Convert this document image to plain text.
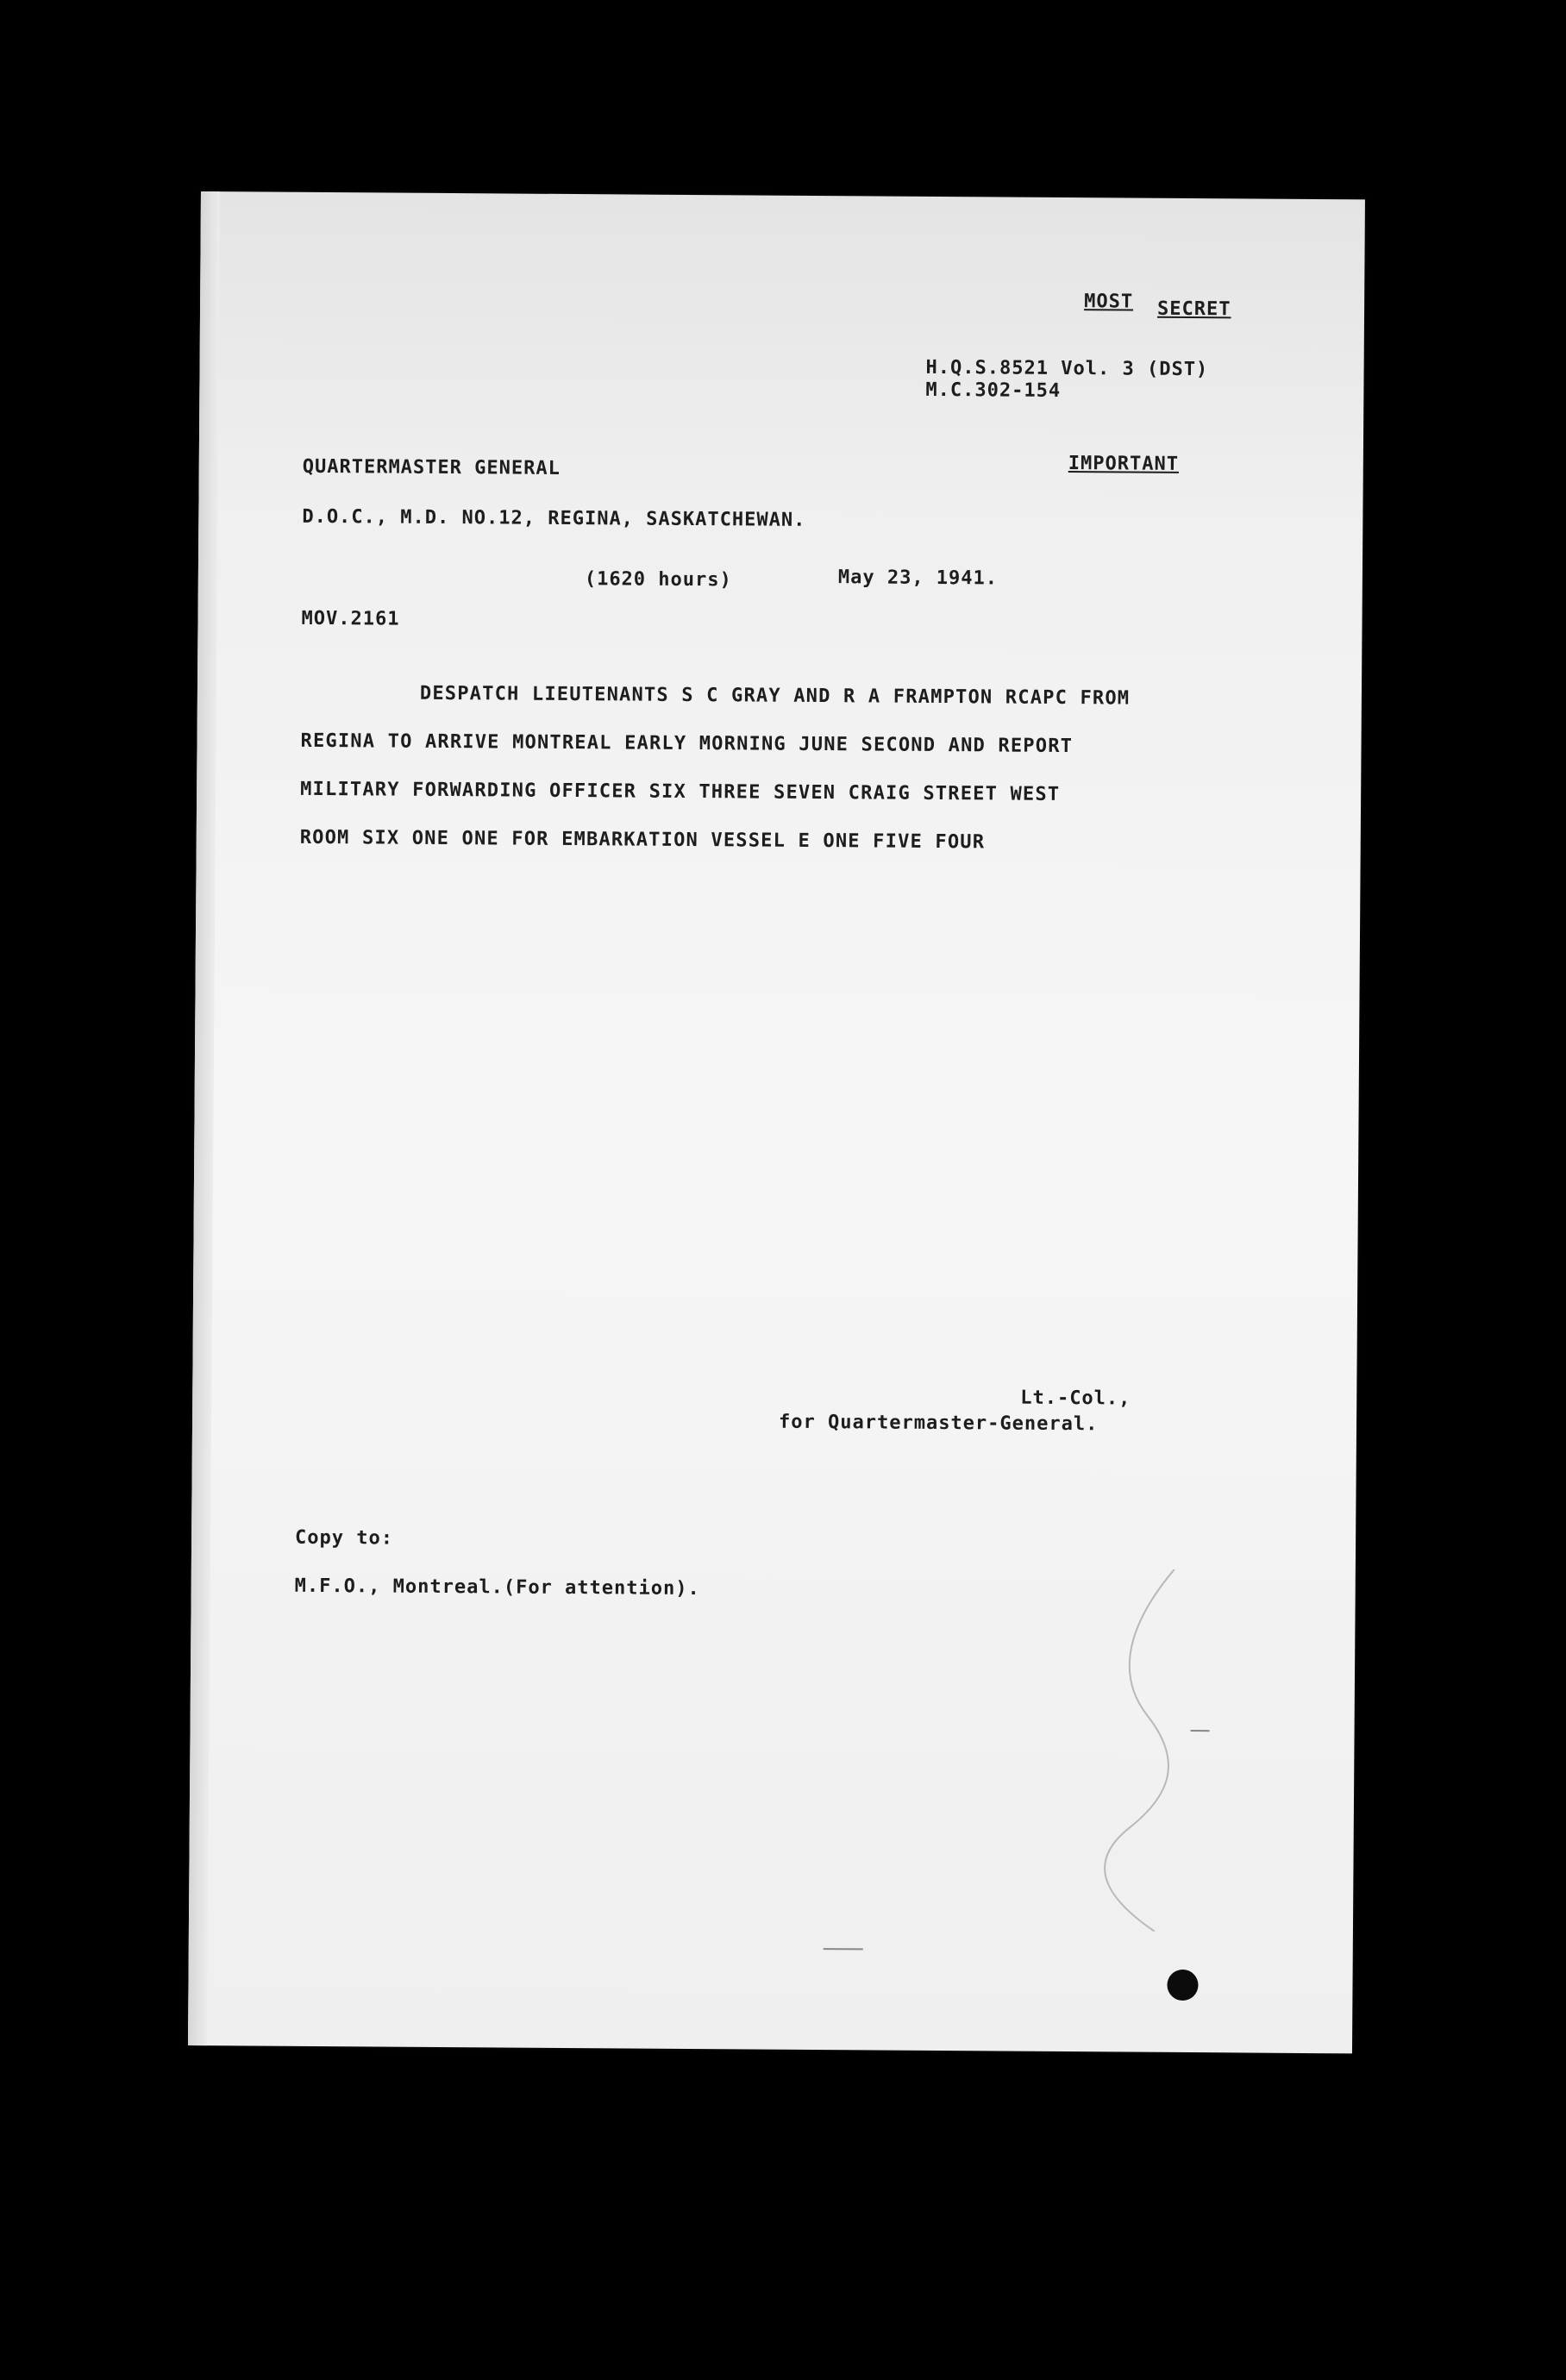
MOST SECRET
H.Q.S.8521 Vol. 3 (DST)
M.C.302-154
QUARTERMASTER GENERAL	IMPORTANT
D.O.C., M.D. NO.12, REGINA, SASKATCHEWAN.
(1620 hours)	May 23, 1941.
MOV.2161
DESPATCH LIEUTENANTS S C GRAY AND R A FRAMPTON RCAPC FROM
REGINA TO ARRIVE MONTREAL EARLY MORNING JUNE SECOND AND REPORT
MILITARY FORWARDING OFFICER SIX THREE SEVEN CRAIG STREET WEST
ROOM SIX ONE ONE FOR EMBARKATION VESSEL E ONE FIVE FOUR
Lt.-Col.,
for Quartermaster-General.
Copy to:
M.F.O., Montreal.(For attention).
